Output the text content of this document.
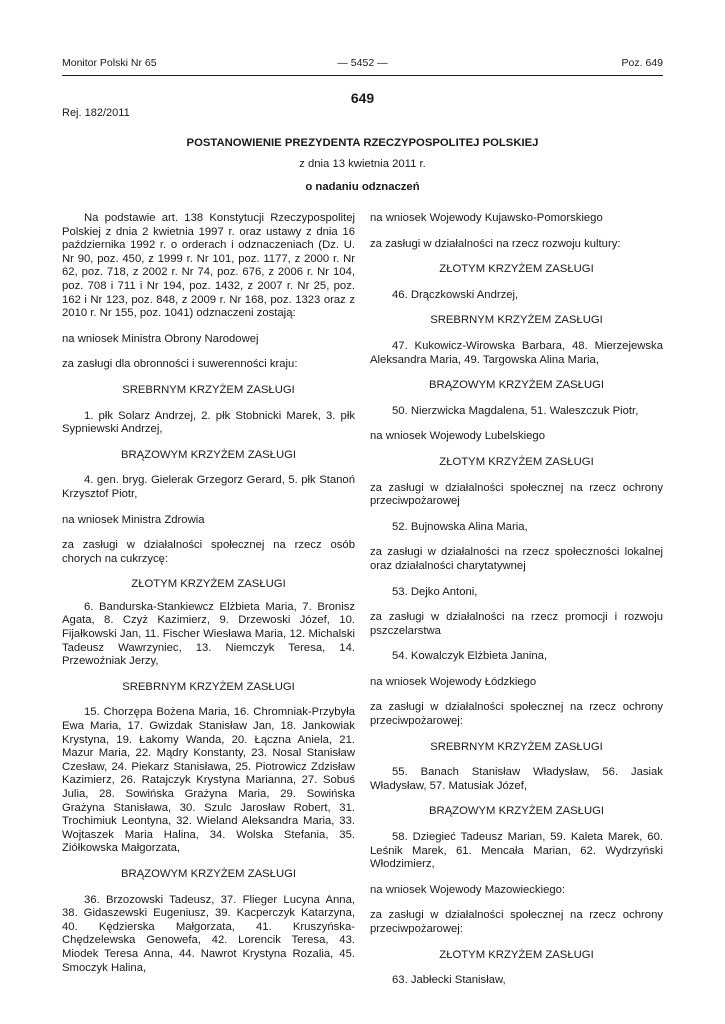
Monitor Polski Nr 65	— 5452 —	Poz. 649
649
Rej. 182/2011
POSTANOWIENIE PREZYDENTA RZECZYPOSPOLITEJ POLSKIEJ
z dnia 13 kwietnia 2011 r.
o nadaniu odznaczeń

Na podstawie art. 138 Konstytucji Rzeczypospolitej Polskiej z dnia 2 kwietnia 1997 r. oraz ustawy z dnia 16 października 1992 r. o orderach i odznaczeniach (Dz. U. Nr 90, poz. 450, z 1999 r. Nr 101, poz. 1177, z 2000 r. Nr 62, poz. 718, z 2002 r. Nr 74, poz. 676, z 2006 r. Nr 104, poz. 708 i 711 i Nr 194, poz. 1432, z 2007 r. Nr 25, poz. 162 i Nr 123, poz. 848, z 2009 r. Nr 168, poz. 1323 oraz z 2010 r. Nr 155, poz. 1041) odznaczeni zostają:

na wniosek Ministra Obrony Narodowej

za zasługi dla obronności i suwerenności kraju:

SREBRNYM KRZYŻEM ZASŁUGI

1. płk Solarz Andrzej, 2. płk Stobnicki Marek, 3. płk Sypniewski Andrzej,

BRĄZOWYM KRZYŻEM ZASŁUGI

4. gen. bryg. Gielerak Grzegorz Gerard, 5. płk Stanoń Krzysztof Piotr,

na wniosek Ministra Zdrowia

za zasługi w działalności społecznej na rzecz osób chorych na cukrzycę:

ZŁOTYM KRZYŻEM ZASŁUGI

6. Bandurska-Stankiewcz Elżbieta Maria, 7. Bronisz Agata, 8. Czyż Kazimierz, 9. Drzewoski Józef, 10. Fijałkowski Jan, 11. Fischer Wiesława Maria, 12. Michalski Tadeusz Wawrzyniec, 13. Niemczyk Teresa, 14. Przewoźniak Jerzy,

SREBRNYM KRZYŻEM ZASŁUGI

15. Chorzępa Bożena Maria, 16. Chromniak-Przybyła Ewa Maria, 17. Gwizdak Stanisław Jan, 18. Jankowiak Krystyna, 19. Łakomy Wanda, 20. Łączna Aniela, 21. Mazur Maria, 22. Mądry Konstanty, 23. Nosal Stanisław Czesław, 24. Piekarz Stanisława, 25. Piotrowicz Zdzisław Kazimierz, 26. Ratajczyk Krystyna Marianna, 27. Sobuś Julia, 28. Sowińska Grażyna Maria, 29. Sowińska Grażyna Stanisława, 30. Szulc Jarosław Robert, 31. Trochimiuk Leontyna, 32. Wieland Aleksandra Maria, 33. Wojtaszek Maria Halina, 34. Wolska Stefania, 35. Ziółkowska Małgorzata,

BRĄZOWYM KRZYŻEM ZASŁUGI

36. Brzozowski Tadeusz, 37. Flieger Lucyna Anna, 38. Gidaszewski Eugeniusz, 39. Kacperczyk Katarzyna, 40. Kędzierska Małgorzata, 41. Kruszyńska-Chędzelewska Genowefa, 42. Lorencik Teresa, 43. Miodek Teresa Anna, 44. Nawrot Krystyna Rozalia, 45. Smoczyk Halina,

na wniosek Wojewody Kujawsko-Pomorskiego

za zasługi w działalności na rzecz rozwoju kultury:

ZŁOTYM KRZYŻEM ZASŁUGI

46. Drączkowski Andrzej,

SREBRNYM KRZYŻEM ZASŁUGI

47. Kukowicz-Wirowska Barbara, 48. Mierzejewska Aleksandra Maria, 49. Targowska Alina Maria,

BRĄZOWYM KRZYŻEM ZASŁUGI

50. Nierzwicka Magdalena, 51. Waleszczuk Piotr,

na wniosek Wojewody Lubelskiego

ZŁOTYM KRZYŻEM ZASŁUGI

za zasługi w działalności społecznej na rzecz ochrony przeciwpożarowej

52. Bujnowska Alina Maria,

za zasługi w działalności na rzecz społeczności lokalnej oraz działalności charytatywnej

53. Dejko Antoni,

za zasługi w działalności na rzecz promocji i rozwoju pszczelarstwa

54. Kowalczyk Elżbieta Janina,

na wniosek Wojewody Łódzkiego

za zasługi w działalności społecznej na rzecz ochrony przeciwpożarowej:

SREBRNYM KRZYŻEM ZASŁUGI

55. Banach Stanisław Władysław, 56. Jasiak Władysław, 57. Matusiak Józef,

BRĄZOWYM KRZYŻEM ZASŁUGI

58. Dziegieć Tadeusz Marian, 59. Kaleta Marek, 60. Leśnik Marek, 61. Mencała Marian, 62. Wydrzyński Włodzimierz,

na wniosek Wojewody Mazowieckiego:

za zasługi w działalności społecznej na rzecz ochrony przeciwpożarowej:

ZŁOTYM KRZYŻEM ZASŁUGI

63. Jabłecki Stanisław,
